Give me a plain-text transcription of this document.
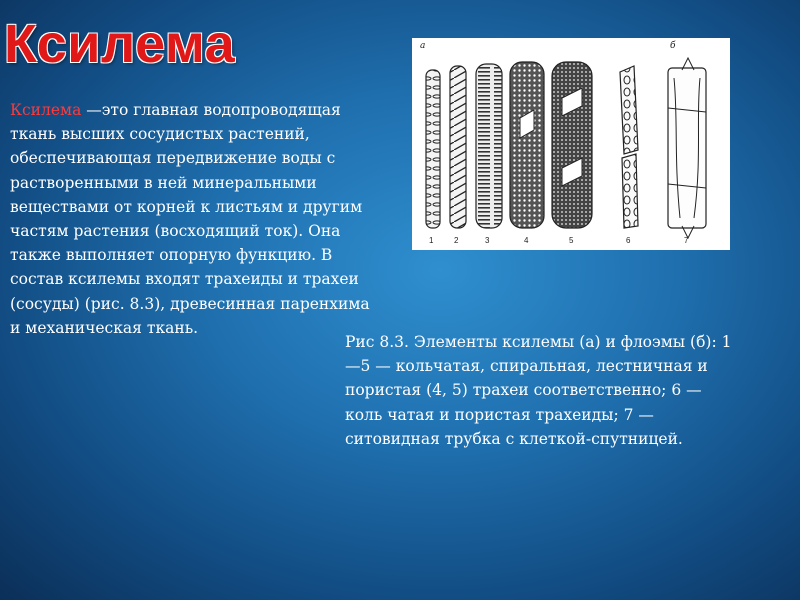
Ксилема
Ксилема —это главная водопроводящая ткань высших сосудистых растений, обеспечивающая передвижение воды с растворенными в ней минеральными веществами от корней к листьям и другим частям растения (восходящий ток). Она также выполняет опорную функцию. В состав ксилемы входят трахеиды и трахеи (сосуды) (рис. 8.3), древесинная паренхима и механическая ткань.
а	б
1	2	3	4	5	6	7
Рис 8.3. Элементы ксилемы (а) и флоэмы (б): 1—5 — кольчатая, спиральная, лестничная и пористая (4, 5) трахеи соответственно; 6 — коль чатая и пористая трахеиды; 7 — ситовидная трубка с клеткой-спутницей.
